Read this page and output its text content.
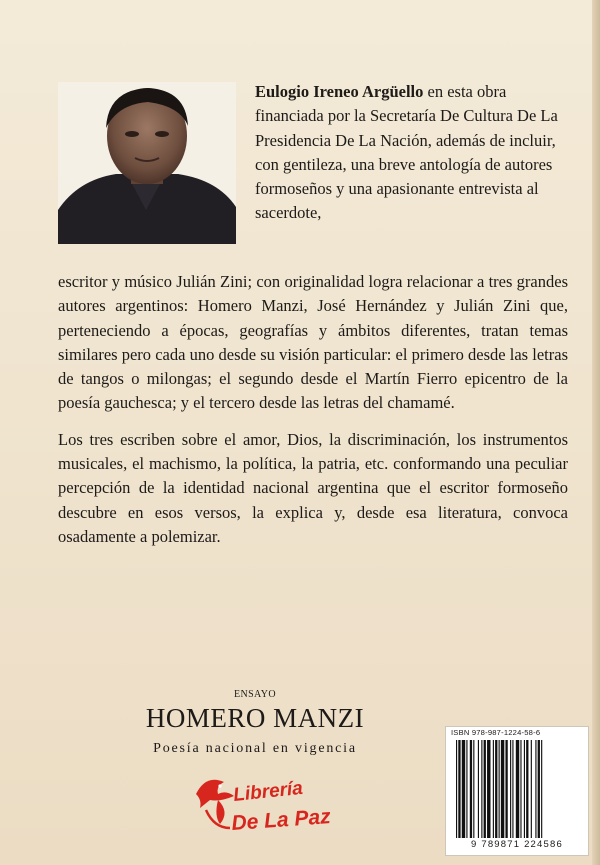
Eulogio Ireneo Argüello en esta obra financiada por la Secretaría De Cultura De La Presidencia De La Nación, además de incluir, con gentileza, una breve antología de autores formoseños y una apasionante entrevista al sacerdote,

escritor y músico Julián Zini; con originalidad logra relacionar a tres grandes autores argentinos: Homero Manzi, José Hernández y Julián Zini que, perteneciendo a épocas, geografías y ámbitos diferentes, tratan temas similares pero cada uno desde su visión particular: el primero desde las letras de tangos o milongas; el segundo desde el Martín Fierro epicentro de la poesía gauchesca; y el tercero desde las letras del chamamé.

Los tres escriben sobre el amor, Dios, la discriminación, los instrumentos musicales, el machismo, la política, la patria, etc. conformando una peculiar percepción de la identidad nacional argentina que el escritor formoseño descubre en esos versos, la explica y, desde esa literatura, convoca osadamente a polemizar.

ENSAYO
HOMERO MANZI
Poesía nacional en vigencia
Librería
De La Paz
ISBN 978-987-1224-58-6
9 789871 224586
